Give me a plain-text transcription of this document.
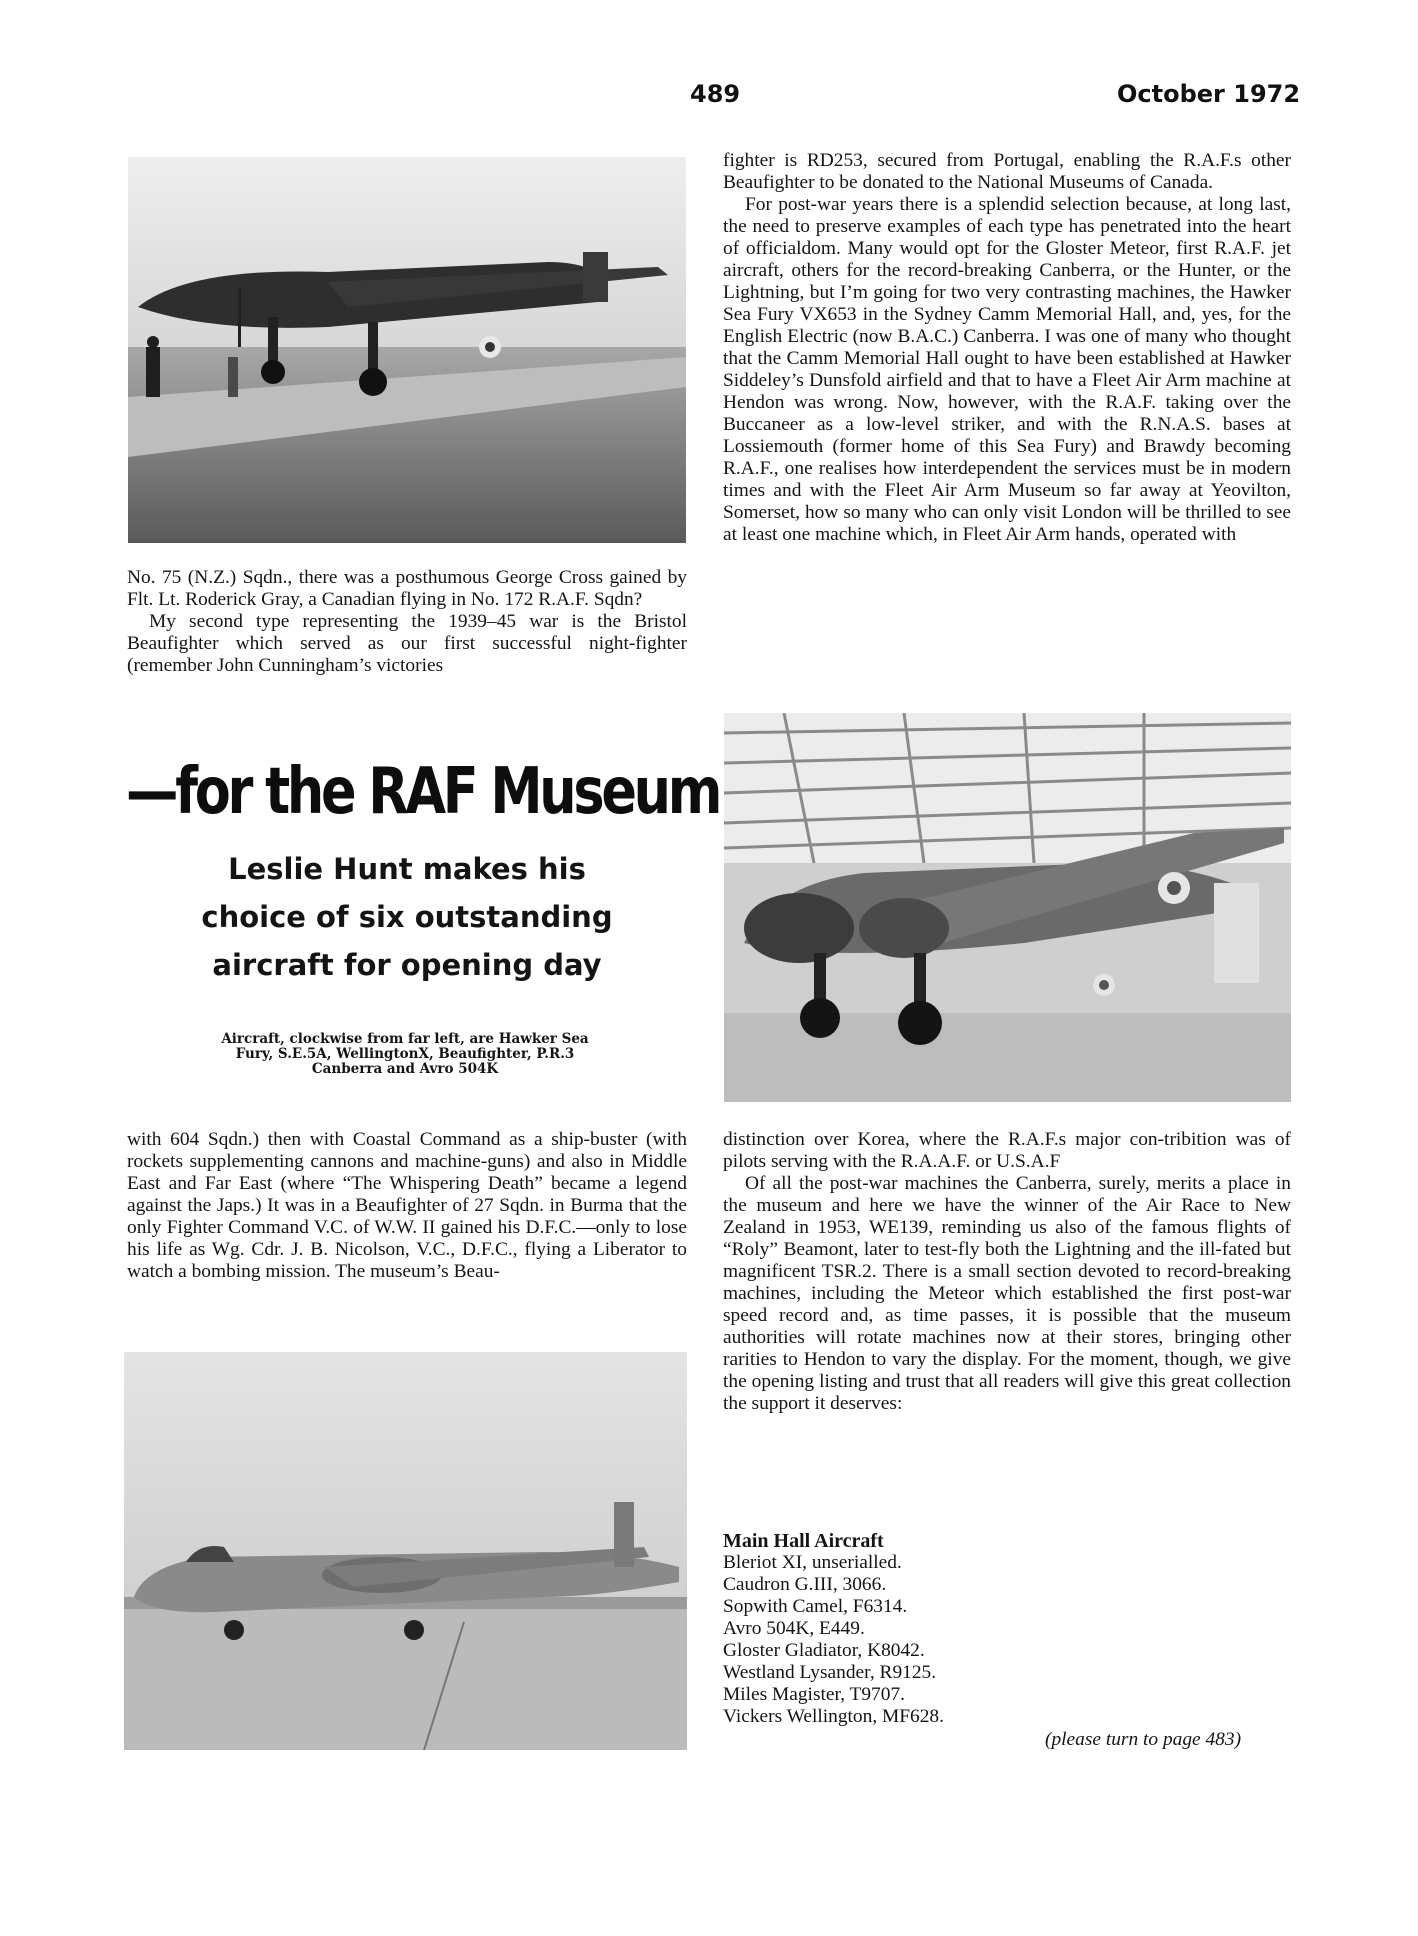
489	October 1972

No. 75 (N.Z.) Sqdn., there was a posthumous George Cross gained by Flt. Lt. Roderick Gray, a Canadian flying in No. 172 R.A.F. Sqdn?

My second type representing the 1939–45 war is the Bristol Beaufighter which served as our first successful night-fighter (remember John Cunningham’s victories

—for the RAF Museum
Leslie Hunt makes his
choice of six outstanding
aircraft for opening day
Aircraft, clockwise from far left, are Hawker Sea Fury, S.E.5A, WellingtonX, Beaufighter, P.R.3 Canberra and Avro 504K

with 604 Sqdn.) then with Coastal Command as a ship-buster (with rockets supplementing cannons and machine-guns) and also in Middle East and Far East (where “The Whispering Death” became a legend against the Japs.) It was in a Beaufighter of 27 Sqdn. in Burma that the only Fighter Command V.C. of W.W. II gained his D.F.C.—only to lose his life as Wg. Cdr. J. B. Nicolson, V.C., D.F.C., flying a Liberator to watch a bombing mission. The museum’s Beau-

fighter is RD253, secured from Portugal, enabling the R.A.F.s other Beaufighter to be donated to the National Museums of Canada.

For post-war years there is a splendid selection because, at long last, the need to preserve examples of each type has penetrated into the heart of officialdom. Many would opt for the Gloster Meteor, first R.A.F. jet aircraft, others for the record-breaking Canberra, or the Hunter, or the Lightning, but I’m going for two very contrasting machines, the Hawker Sea Fury VX653 in the Sydney Camm Memorial Hall, and, yes, for the English Electric (now B.A.C.) Canberra. I was one of many who thought that the Camm Memorial Hall ought to have been established at Hawker Siddeley’s Dunsfold airfield and that to have a Fleet Air Arm machine at Hendon was wrong. Now, however, with the R.A.F. taking over the Buccaneer as a low-level striker, and with the R.N.A.S. bases at Lossiemouth (former home of this Sea Fury) and Brawdy becoming R.A.F., one realises how interdependent the services must be in modern times and with the Fleet Air Arm Museum so far away at Yeovilton, Somerset, how so many who can only visit London will be thrilled to see at least one machine which, in Fleet Air Arm hands, operated with

distinction over Korea, where the R.A.F.s major con-tribition was of pilots serving with the R.A.A.F. or U.S.A.F

Of all the post-war machines the Canberra, surely, merits a place in the museum and here we have the winner of the Air Race to New Zealand in 1953, WE139, reminding us also of the famous flights of “Roly” Beamont, later to test-fly both the Lightning and the ill-fated but magnificent TSR.2. There is a small section devoted to record-breaking machines, including the Meteor which established the first post-war speed record and, as time passes, it is possible that the museum authorities will rotate machines now at their stores, bringing other rarities to Hendon to vary the display. For the moment, though, we give the opening listing and trust that all readers will give this great collection the support it deserves:

Main Hall Aircraft
Bleriot XI, unserialled.
Caudron G.III, 3066.
Sopwith Camel, F6314.
Avro 504K, E449.
Gloster Gladiator, K8042.
Westland Lysander, R9125.
Miles Magister, T9707.
Vickers Wellington, MF628.
(please turn to page 483)
